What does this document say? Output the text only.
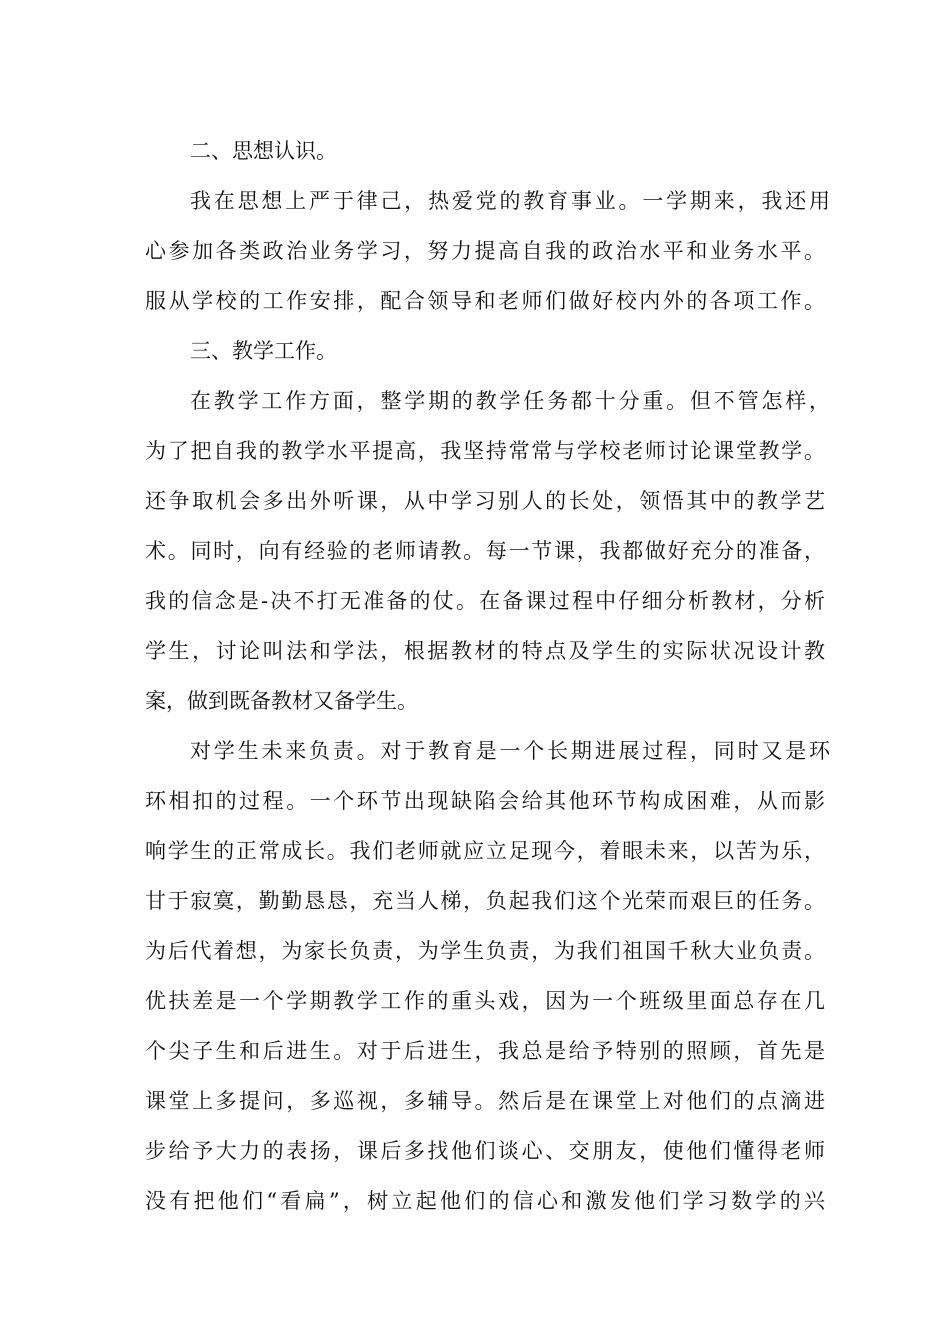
二、思想认识。
我在思想上严于律己，热爱党的教育事业。一学期来，我还用
心参加各类政治业务学习，努力提高自我的政治水平和业务水平。
服从学校的工作安排，配合领导和老师们做好校内外的各项工作。
三、教学工作。
在教学工作方面，整学期的教学任务都十分重。但不管怎样，
为了把自我的教学水平提高，我坚持常常与学校老师讨论课堂教学。
还争取机会多出外听课，从中学习别人的长处，领悟其中的教学艺
术。同时，向有经验的老师请教。每一节课，我都做好充分的准备，
我的信念是-决不打无准备的仗。在备课过程中仔细分析教材，分析
学生，讨论叫法和学法，根据教材的特点及学生的实际状况设计教
案，做到既备教材又备学生。
对学生未来负责。对于教育是一个长期进展过程，同时又是环
环相扣的过程。一个环节出现缺陷会给其他环节构成困难，从而影
响学生的正常成长。我们老师就应立足现今，着眼未来，以苦为乐，
甘于寂寞，勤勤恳恳，充当人梯，负起我们这个光荣而艰巨的任务。
为后代着想，为家长负责，为学生负责，为我们祖国千秋大业负责。
优扶差是一个学期教学工作的重头戏，因为一个班级里面总存在几
个尖子生和后进生。对于后进生，我总是给予特别的照顾，首先是
课堂上多提问，多巡视，多辅导。然后是在课堂上对他们的点滴进
步给予大力的表扬，课后多找他们谈心、交朋友，使他们懂得老师
没有把他们“看扁”，树立起他们的信心和激发他们学习数学的兴
